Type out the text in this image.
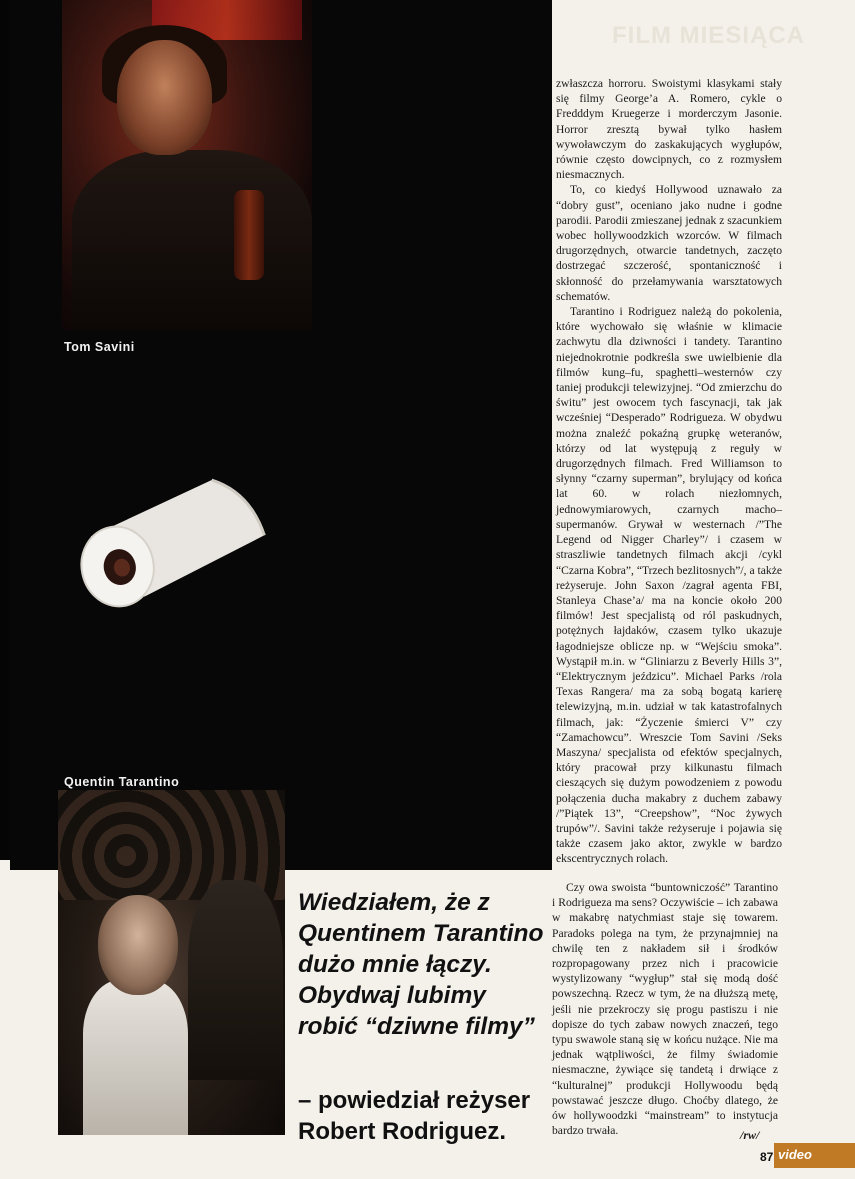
FILM MIESIĄCA
Tom Savini
Quentin Tarantino

Wiedziałem, że z Quentinem Tarantino dużo mnie łączy. Obydwaj lubimy robić “dziwne filmy”

– powiedział reżyser Robert Rodriguez.

zwłaszcza horroru. Swoistymi klasykami stały się filmy George’a A. Romero, cykle o Fredddym Kruegerze i morderczym Jasonie. Horror zresztą bywał tylko hasłem wywoławczym do zaskakujących wygłupów, równie często dowcipnych, co z rozmysłem niesmacznych.

To, co kiedyś Hollywood uznawało za “dobry gust”, oceniano jako nudne i godne parodii. Parodii zmieszanej jednak z szacunkiem wobec hollywoodzkich wzorców. W filmach drugorzędnych, otwarcie tandetnych, zaczęto dostrzegać szczerość, spontaniczność i skłonność do przełamywania warsztatowych schematów.

Tarantino i Rodriguez należą do pokolenia, które wychowało się właśnie w klimacie zachwytu dla dziwności i tandety. Tarantino niejednokrotnie podkreśla swe uwielbienie dla filmów kung–fu, spaghetti–westernów czy taniej produkcji telewizyjnej. “Od zmierzchu do świtu” jest owocem tych fascynacji, tak jak wcześniej “Desperado” Rodrigueza. W obydwu można znaleźć pokaźną grupkę weteranów, którzy od lat występują z reguły w drugorzędnych filmach. Fred Williamson to słynny “czarny superman”, brylujący od końca lat 60. w rolach niezłomnych, jednowymiarowych, czarnych macho–supermanów. Grywał w westernach /”The Legend od Nigger Charley”/ i czasem w straszliwie tandetnych filmach akcji /cykl “Czarna Kobra”, “Trzech bezlitosnych”/, a także reżyseruje. John Saxon /zagrał agenta FBI, Stanleya Chase’a/ ma na koncie około 200 filmów! Jest specjalistą od ról paskudnych, potężnych łajdaków, czasem tylko ukazuje łagodniejsze oblicze np. w “Wejściu smoka”. Wystąpił m.in. w “Gliniarzu z Beverly Hills 3”, “Elektrycznym jeździcu”. Michael Parks /rola Texas Rangera/ ma za sobą bogatą karierę telewizyjną, m.in. udział w tak katastrofalnych filmach, jak: “Życzenie śmierci V” czy “Zamachowcu”. Wreszcie Tom Savini /Seks Maszyna/ specjalista od efektów specjalnych, który pracował przy kilkunastu filmach cieszących się dużym powodzeniem z powodu połączenia ducha makabry z duchem zabawy /”Piątek 13”, “Creepshow”, “Noc żywych trupów”/. Savini także reżyseruje i pojawia się także czasem jako aktor, zwykle w bardzo ekscentrycznych rolach.

Czy owa swoista “buntowniczość” Tarantino i Rodrigueza ma sens? Oczywiście – ich zabawa w makabrę natychmiast staje się towarem. Paradoks polega na tym, że przynajmniej na chwilę ten z nakładem sił i środków rozpropagowany przez nich i pracowicie wystylizowany “wygłup” stał się modą dość powszechną. Rzecz w tym, że na dłuższą metę, jeśli nie przekroczy się progu pastiszu i nie dopisze do tych zabaw nowych znaczeń, tego typu swawole staną się w końcu nużące. Nie ma jednak wątpliwości, że filmy świadomie niesmaczne, żywiące się tandetą i drwiące z “kulturalnej” produkcji Hollywoodu będą powstawać jeszcze długo. Choćby dlatego, że ów hollywoodzki “mainstream” to instytucja bardzo trwała.	/rw/
87 video
